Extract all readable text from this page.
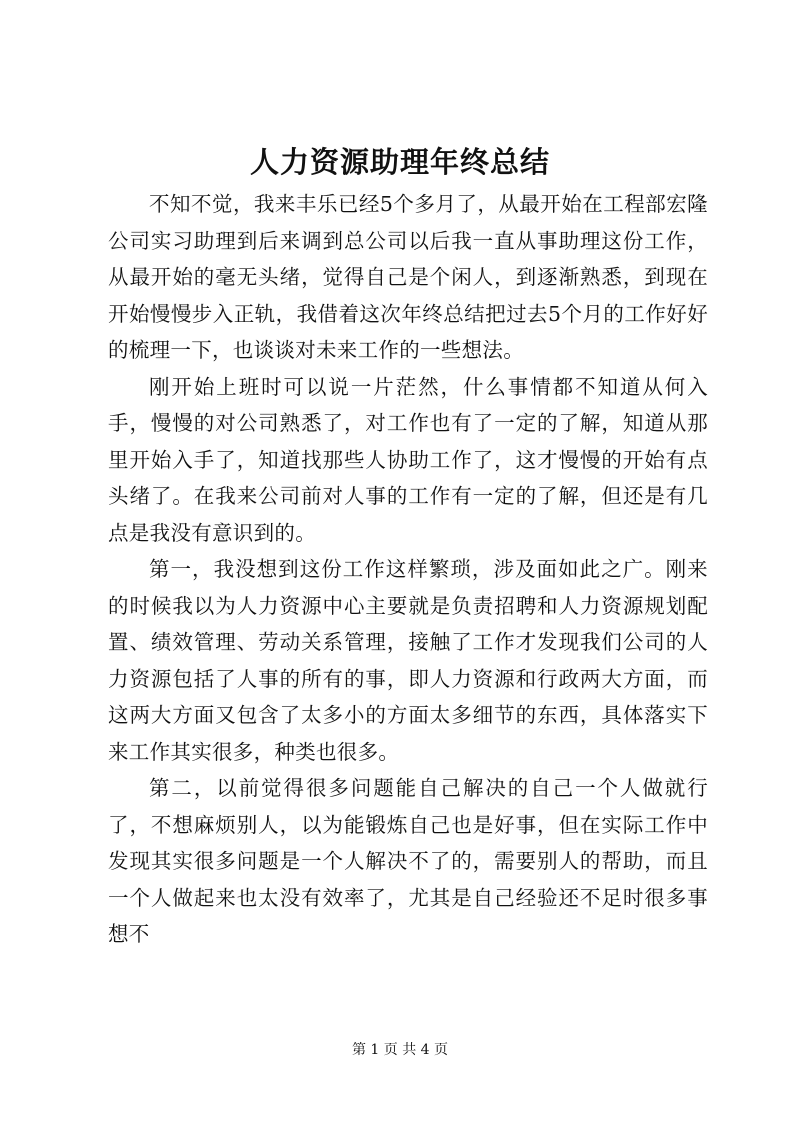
人力资源助理年终总结

不知不觉，我来丰乐已经5个多月了，从最开始在工程部宏隆公司实习助理到后来调到总公司以后我一直从事助理这份工作，从最开始的毫无头绪，觉得自己是个闲人，到逐渐熟悉，到现在开始慢慢步入正轨，我借着这次年终总结把过去5个月的工作好好的梳理一下，也谈谈对未来工作的一些想法。

刚开始上班时可以说一片茫然，什么事情都不知道从何入手，慢慢的对公司熟悉了，对工作也有了一定的了解，知道从那里开始入手了，知道找那些人协助工作了，这才慢慢的开始有点头绪了。在我来公司前对人事的工作有一定的了解，但还是有几点是我没有意识到的。

第一，我没想到这份工作这样繁琐，涉及面如此之广。刚来的时候我以为人力资源中心主要就是负责招聘和人力资源规划配置、绩效管理、劳动关系管理，接触了工作才发现我们公司的人力资源包括了人事的所有的事，即人力资源和行政两大方面，而这两大方面又包含了太多小的方面太多细节的东西，具体落实下来工作其实很多，种类也很多。

第二，以前觉得很多问题能自己解决的自己一个人做就行了，不想麻烦别人，以为能锻炼自己也是好事，但在实际工作中发现其实很多问题是一个人解决不了的，需要别人的帮助，而且一个人做起来也太没有效率了，尤其是自己经验还不足时很多事想不

第 1 页 共 4 页
